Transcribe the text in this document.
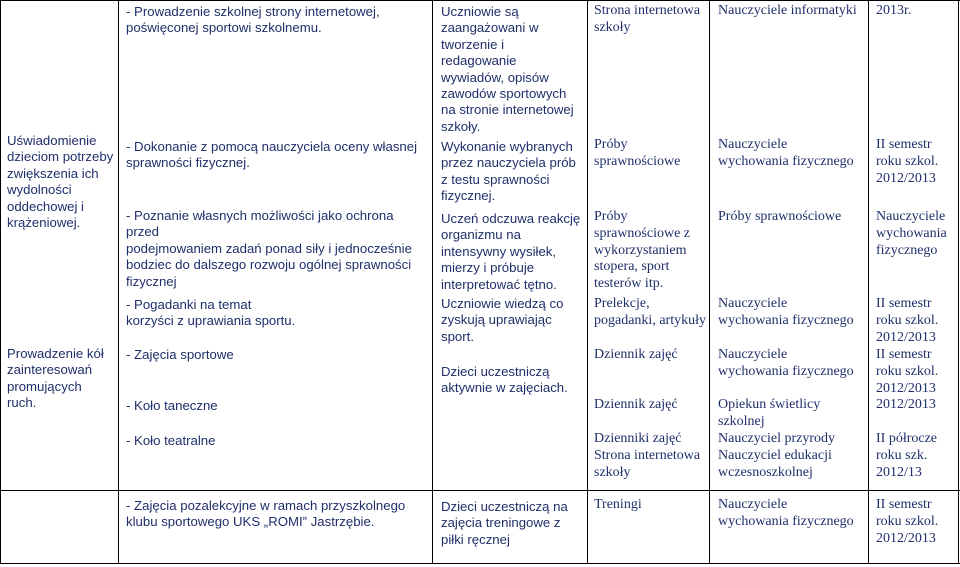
Uświadomienie
dzieciom potrzeby
zwiększenia ich
wydolności
oddechowej i
krążeniowej.
Prowadzenie kół
zainteresowań
promujących
ruch.
- Prowadzenie szkolnej strony internetowej,
poświęconej sportowi szkolnemu.
- Dokonanie z pomocą nauczyciela oceny własnej
sprawności fizycznej.
- Poznanie własnych możliwości jako ochrona przed
podejmowaniem zadań ponad siły i jednocześnie
bodziec do dalszego rozwoju ogólnej sprawności
fizycznej
- Pogadanki na temat
korzyści z uprawiania sportu.
- Zajęcia sportowe
- Koło taneczne
- Koło teatralne
- Zajęcia pozalekcyjne w ramach przyszkolnego
klubu sportowego UKS „ROMI” Jastrzębie.
Uczniowie są
zaangażowani w
tworzenie i
redagowanie
wywiadów, opisów
zawodów sportowych
na stronie internetowej
szkoły.
Wykonanie wybranych
przez nauczyciela prób
z testu sprawności
fizycznej.
Uczeń odczuwa reakcję
organizmu na
intensywny wysiłek,
mierzy i próbuje
interpretować tętno.
Uczniowie wiedzą co
zyskują uprawiając
sport.
Dzieci uczestniczą
aktywnie w zajęciach.
Dzieci uczestniczą na
zajęcia treningowe z
piłki ręcznej
Strona internetowa
szkoły
Próby
sprawnościowe
Próby
sprawnościowe z
wykorzystaniem
stopera, sport
testerów itp.
Prelekcje,
pogadanki, artykuły
Dziennik zajęć
Dziennik zajęć
Dzienniki zajęć
Strona internetowa
szkoły
Treningi
Nauczyciele informatyki
Nauczyciele
wychowania fizycznego
Próby sprawnościowe
Nauczyciele
wychowania fizycznego
Nauczyciele
wychowania fizycznego
Opiekun świetlicy
szkolnej
Nauczyciel przyrody
Nauczyciel edukacji
wczesnoszkolnej
Nauczyciele
wychowania fizycznego
2013r.
II semestr
roku szkol.
2012/2013
Nauczyciele
wychowania
fizycznego
II semestr
roku szkol.
2012/2013
II semestr
roku szkol.
2012/2013
2012/2013
II półrocze
roku szk.
2012/13
II semestr
roku szkol.
2012/2013
